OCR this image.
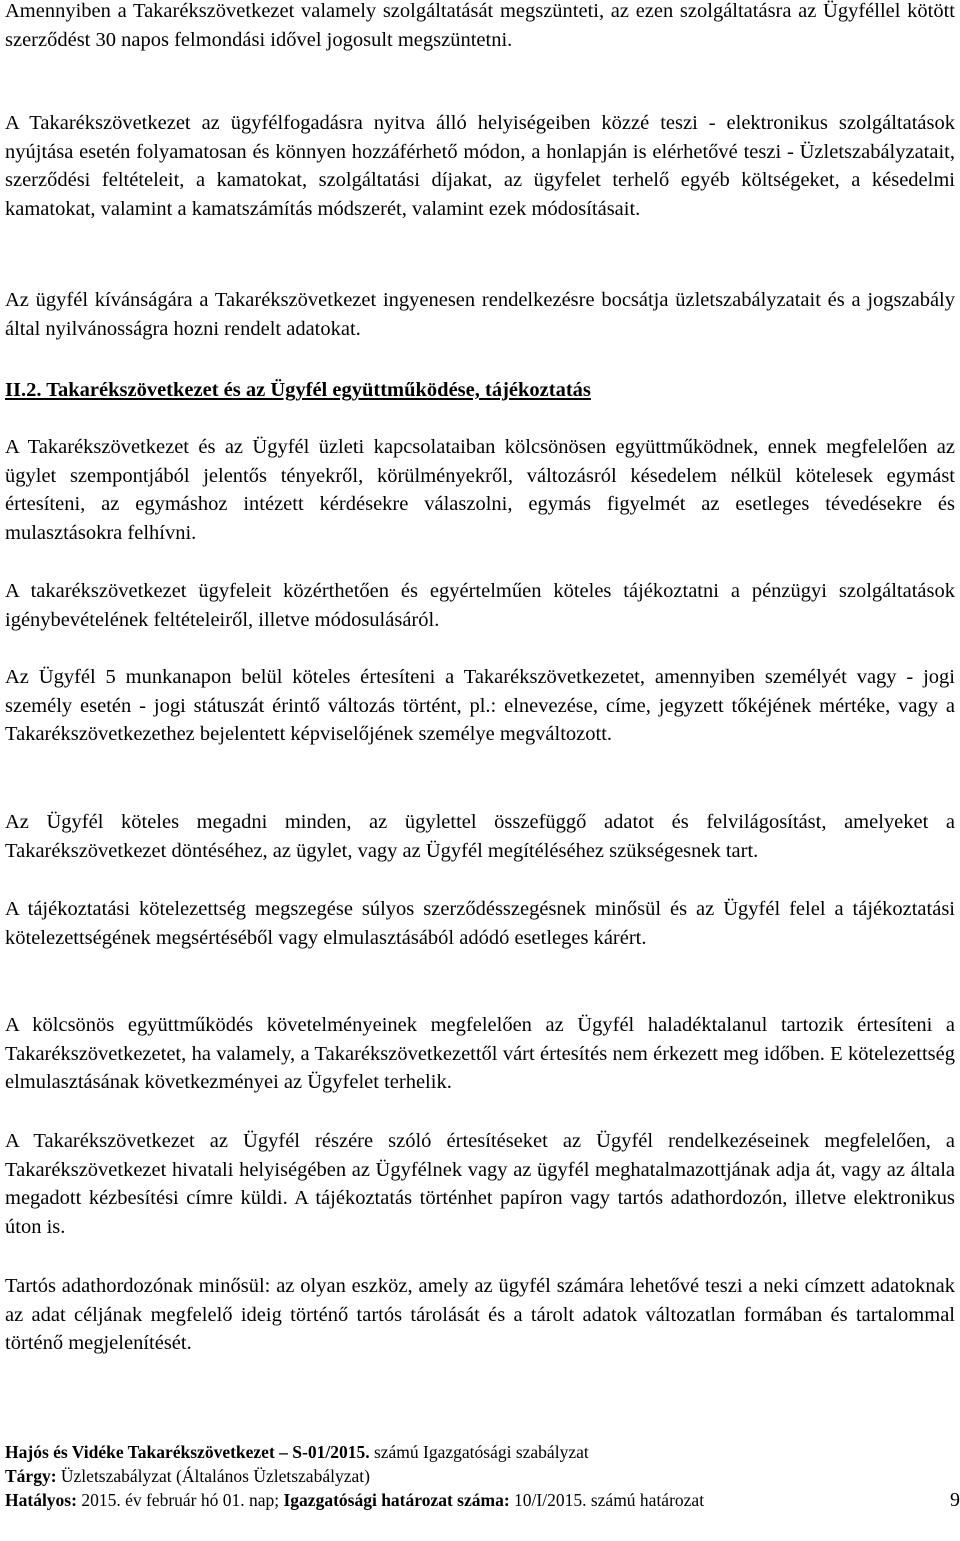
Amennyiben a Takarékszövetkezet valamely szolgáltatását megszünteti, az ezen szolgáltatásra az Ügyféllel kötött szerződést 30 napos felmondási idővel jogosult megszüntetni.

A Takarékszövetkezet az ügyfélfogadásra nyitva álló helyiségeiben közzé teszi - elektronikus szolgáltatások nyújtása esetén folyamatosan és könnyen hozzáférhető módon, a honlapján is elérhetővé teszi - Üzletszabályzatait, szerződési feltételeit, a kamatokat, szolgáltatási díjakat, az ügyfelet terhelő egyéb költségeket, a késedelmi kamatokat, valamint a kamatszámítás módszerét, valamint ezek módosításait.

Az ügyfél kívánságára a Takarékszövetkezet ingyenesen rendelkezésre bocsátja üzletszabályzatait és a jogszabály által nyilvánosságra hozni rendelt adatokat.

II.2. Takarékszövetkezet és az Ügyfél együttműködése, tájékoztatás

A Takarékszövetkezet és az Ügyfél üzleti kapcsolataiban kölcsönösen együttműködnek, ennek megfelelően az ügylet szempontjából jelentős tényekről, körülményekről, változásról késedelem nélkül kötelesek egymást értesíteni, az egymáshoz intézett kérdésekre válaszolni, egymás figyelmét az esetleges tévedésekre és mulasztásokra felhívni.

A takarékszövetkezet ügyfeleit közérthetően és egyértelműen köteles tájékoztatni a pénzügyi szolgáltatások igénybevételének feltételeiről, illetve módosulásáról.

Az Ügyfél 5 munkanapon belül köteles értesíteni a Takarékszövetkezetet, amennyiben személyét vagy - jogi személy esetén - jogi státuszát érintő változás történt, pl.: elnevezése, címe, jegyzett tőkéjének mértéke, vagy a Takarékszövetkezethez bejelentett képviselőjének személye megváltozott.

Az Ügyfél köteles megadni minden, az ügylettel összefüggő adatot és felvilágosítást, amelyeket a Takarékszövetkezet döntéséhez, az ügylet, vagy az Ügyfél megítéléséhez szükségesnek tart.

A tájékoztatási kötelezettség megszegése súlyos szerződésszegésnek minősül és az Ügyfél felel a tájékoztatási kötelezettségének megsértéséből vagy elmulasztásából adódó esetleges kárért.

A kölcsönös együttműködés követelményeinek megfelelően az Ügyfél haladéktalanul tartozik értesíteni a Takarékszövetkezetet, ha valamely, a Takarékszövetkezettől várt értesítés nem érkezett meg időben. E kötelezettség elmulasztásának következményei az Ügyfelet terhelik.

A Takarékszövetkezet az Ügyfél részére szóló értesítéseket az Ügyfél rendelkezéseinek megfelelően, a Takarékszövetkezet hivatali helyiségében az Ügyfélnek vagy az ügyfél meghatalmazottjának adja át, vagy az általa megadott kézbesítési címre küldi. A tájékoztatás történhet papíron vagy tartós adathordozón, illetve elektronikus úton is.

Tartós adathordozónak minősül: az olyan eszköz, amely az ügyfél számára lehetővé teszi a neki címzett adatoknak az adat céljának megfelelő ideig történő tartós tárolását és a tárolt adatok változatlan formában és tartalommal történő megjelenítését.

Hajós és Vidéke Takarékszövetkezet – S-01/2015. számú Igazgatósági szabályzat
Tárgy: Üzletszabályzat (Általános Üzletszabályzat)
Hatályos: 2015. év február hó 01. nap; Igazgatósági határozat száma: 10/I/2015. számú határozat	9
